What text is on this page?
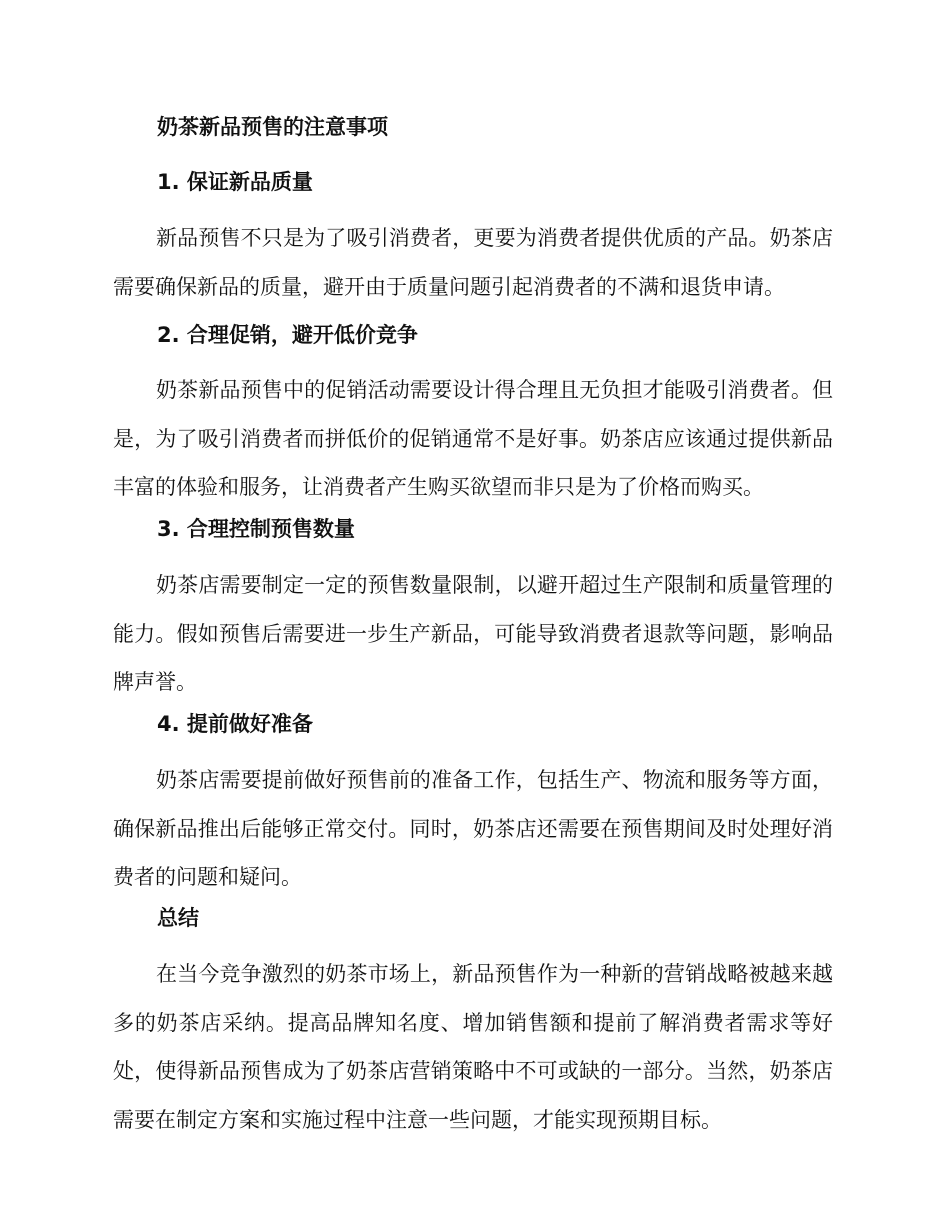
奶茶新品预售的注意事项
1. 保证新品质量

新品预售不只是为了吸引消费者，更要为消费者提供优质的产品。奶茶店需要确保新品的质量，避开由于质量问题引起消费者的不满和退货申请。

2. 合理促销，避开低价竞争

奶茶新品预售中的促销活动需要设计得合理且无负担才能吸引消费者。但是，为了吸引消费者而拼低价的促销通常不是好事。奶茶店应该通过提供新品丰富的体验和服务，让消费者产生购买欲望而非只是为了价格而购买。

3. 合理控制预售数量

奶茶店需要制定一定的预售数量限制，以避开超过生产限制和质量管理的能力。假如预售后需要进一步生产新品，可能导致消费者退款等问题，影响品牌声誉。

4. 提前做好准备

奶茶店需要提前做好预售前的准备工作，包括生产、物流和服务等方面，确保新品推出后能够正常交付。同时，奶茶店还需要在预售期间及时处理好消费者的问题和疑问。

总结

在当今竞争激烈的奶茶市场上，新品预售作为一种新的营销战略被越来越多的奶茶店采纳。提高品牌知名度、增加销售额和提前了解消费者需求等好处，使得新品预售成为了奶茶店营销策略中不可或缺的一部分。当然，奶茶店需要在制定方案和实施过程中注意一些问题，才能实现预期目标。
